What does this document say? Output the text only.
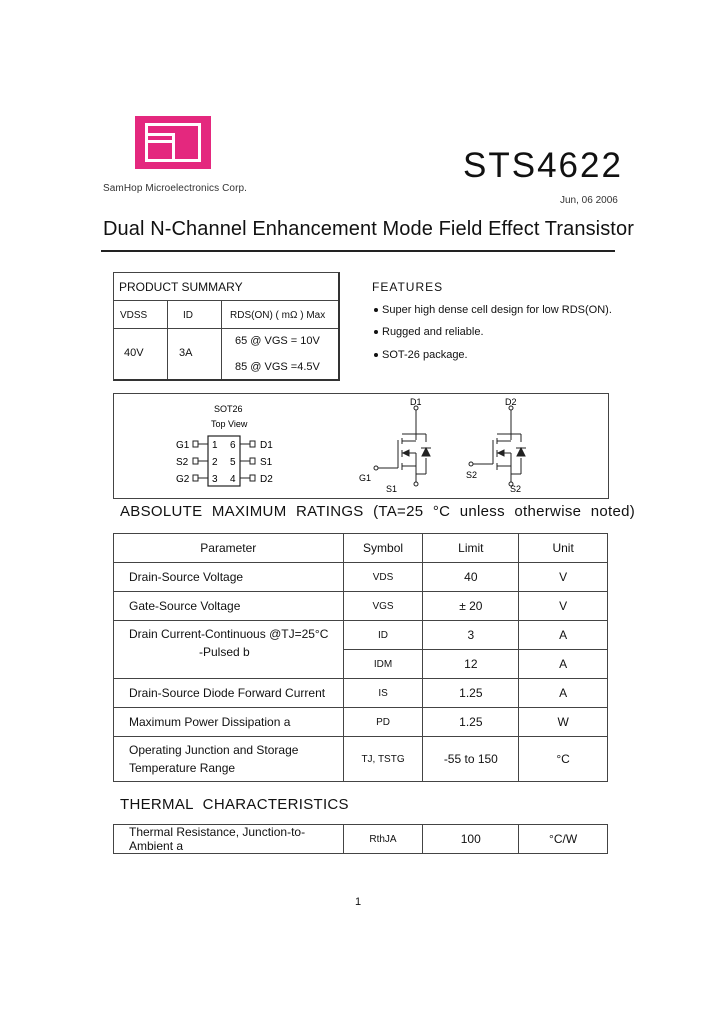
SamHop Microelectronics Corp.
STS4622
Jun, 06 2006
Dual N-Channel Enhancement Mode Field Effect Transistor
PRODUCT SUMMARY
VDSS	ID	RDS(ON) ( mΩ ) Max
40V	3A
65 @ VGS = 10V
85 @ VGS =4.5V
FEATURES
Super high dense cell design for low RDS(ON).
Rugged and reliable.
SOT-26 package.
SOT26
Top View
G1
S2
G2
1
2
3
6
5
4
D1
S1
D2
D1
G1
S1
D2
S2
S2
ABSOLUTE MAXIMUM RATINGS (TA=25 °C unless otherwise noted)
Parameter	Symbol	Limit	Unit
Drain-Source Voltage	VDS	40	V
Gate-Source Voltage	VGS	± 20	V

Drain Current-Continuous @TJ=25°C
-Pulsed b	ID	3	A
	IDM	12	A
Drain-Source Diode Forward Current	IS	1.25	A
Maximum Power Dissipation a	PD	1.25	W

Operating Junction and Storage
Temperature Range	TJ, TSTG	-55 to 150	°C
THERMAL CHARACTERISTICS
Thermal Resistance, Junction-to-Ambient a	RthJA	100	°C/W
1
